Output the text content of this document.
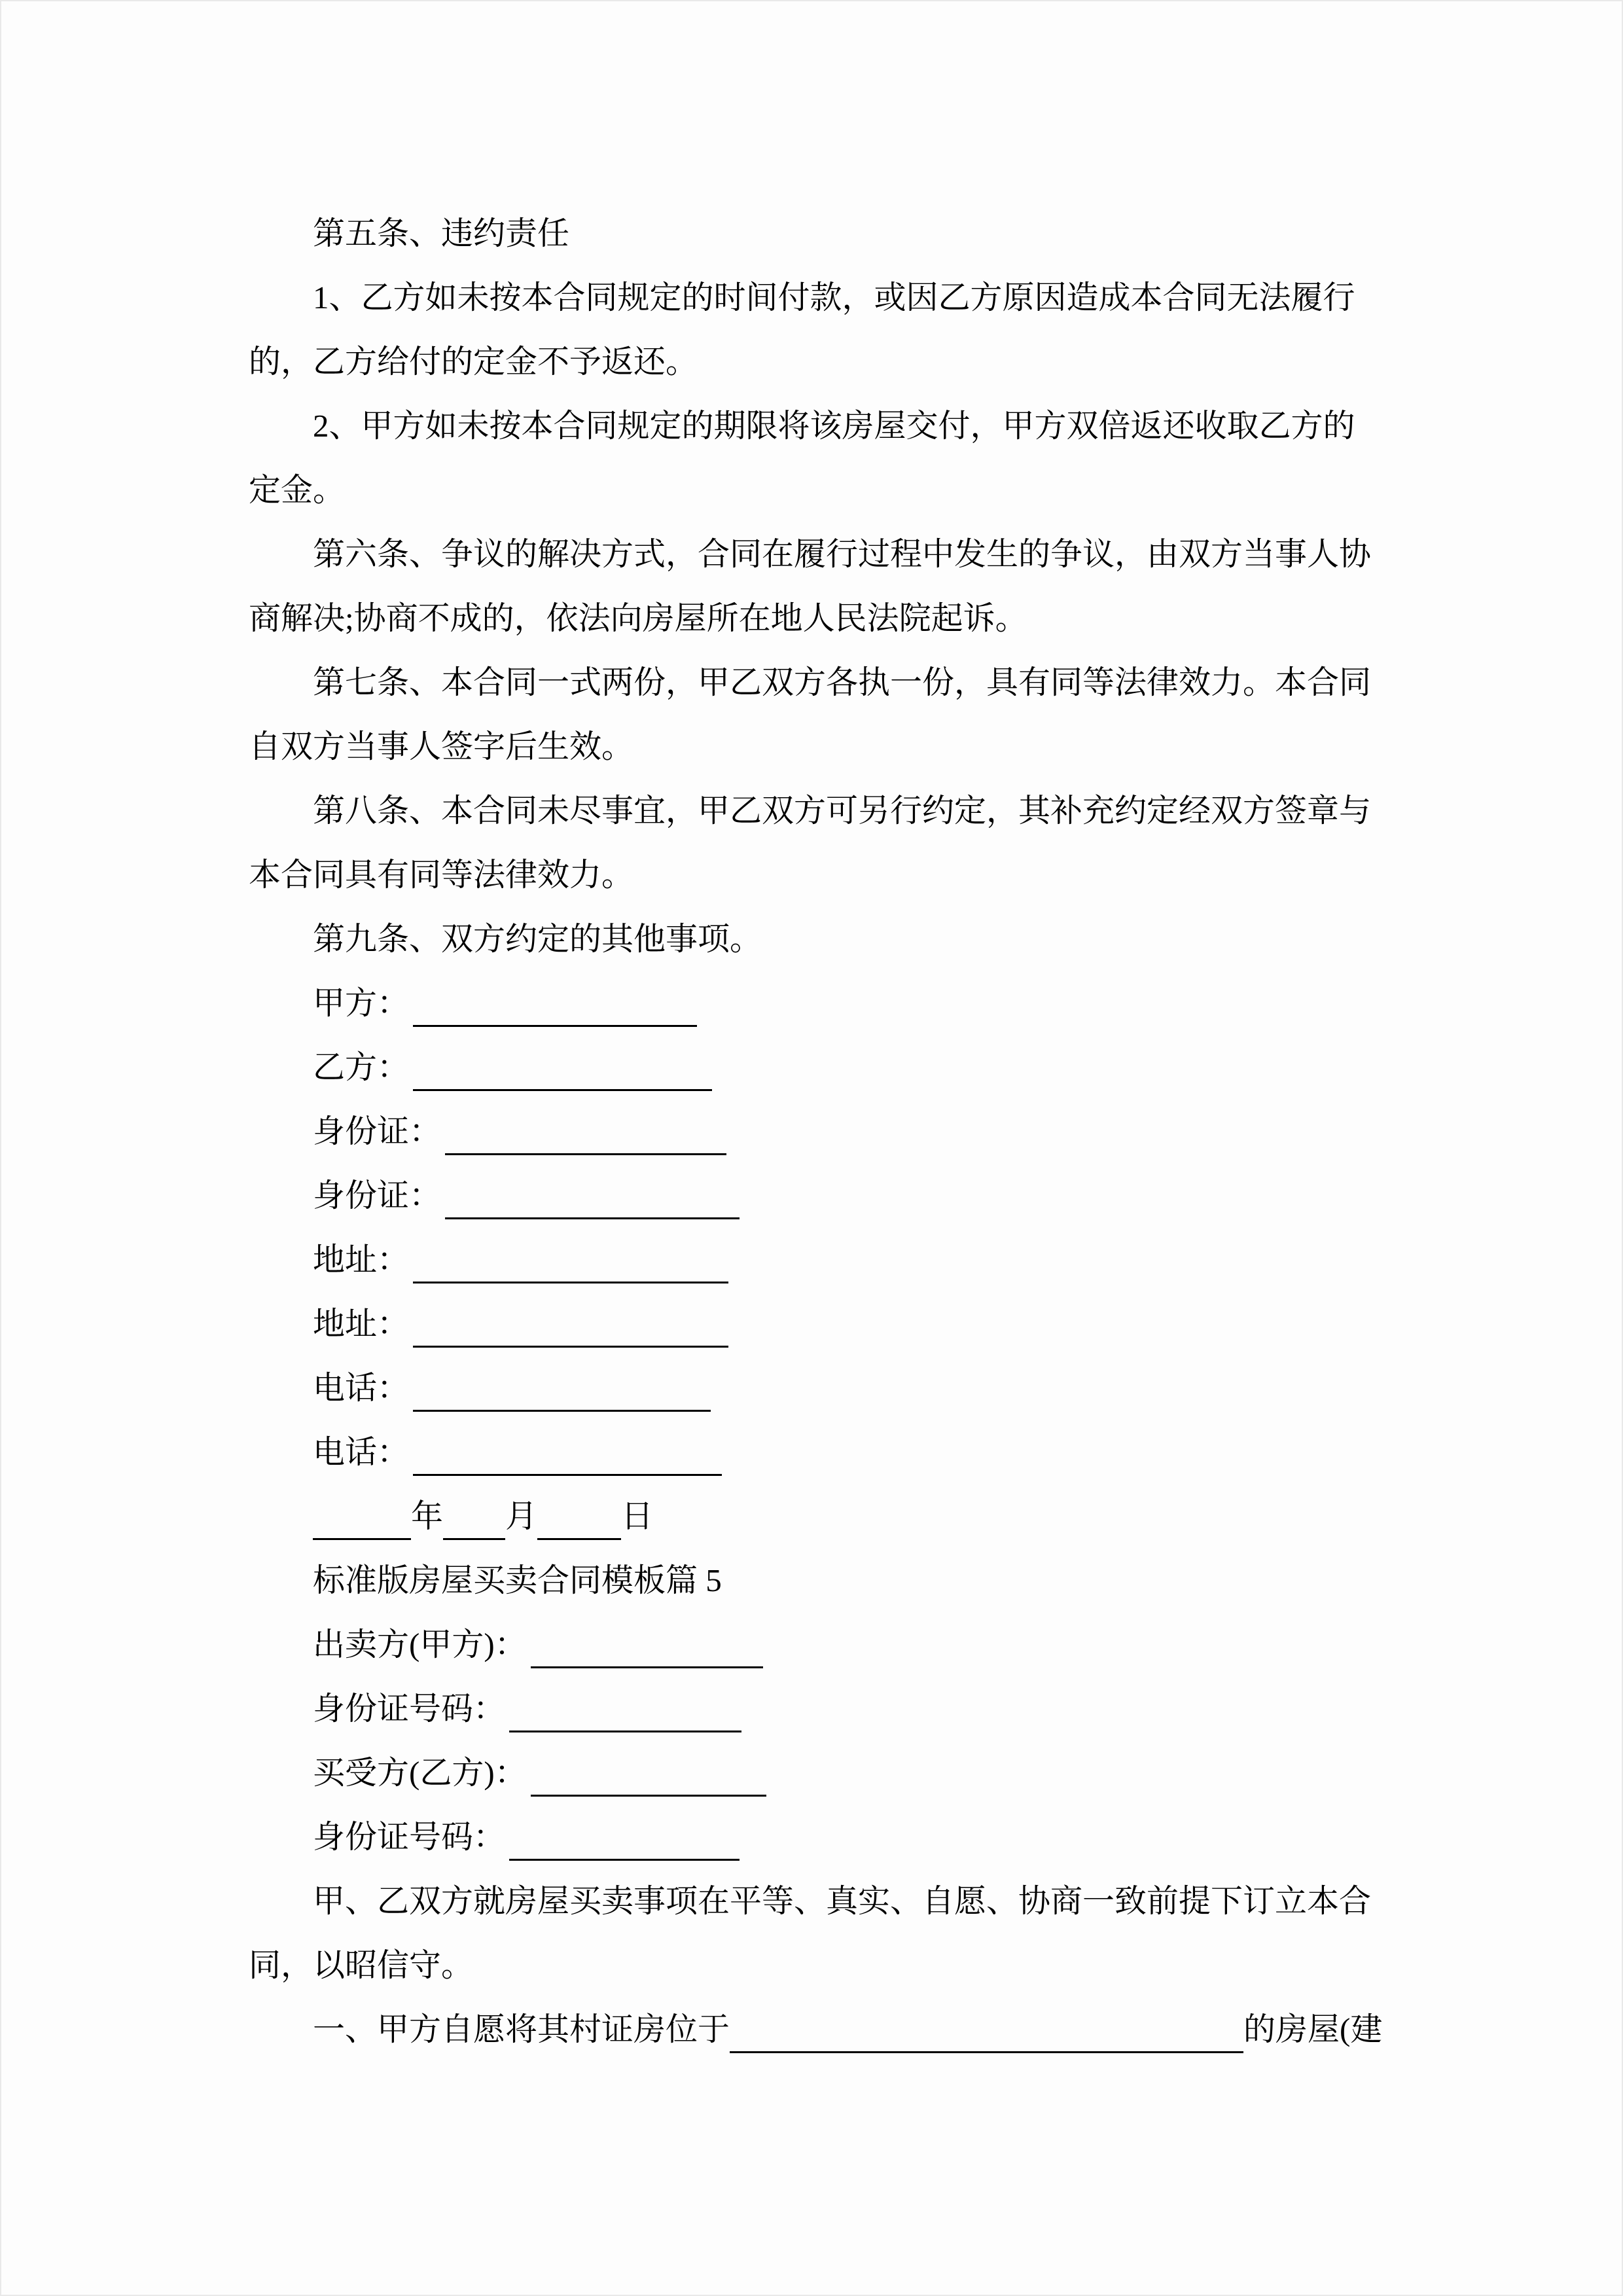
第五条、违约责任
1、乙方如未按本合同规定的时间付款，或因乙方原因造成本合同无法履行
的，乙方给付的定金不予返还。
2、甲方如未按本合同规定的期限将该房屋交付，甲方双倍返还收取乙方的
定金。
第六条、争议的解决方式，合同在履行过程中发生的争议，由双方当事人协
商解决;协商不成的，依法向房屋所在地人民法院起诉。
第七条、本合同一式两份，甲乙双方各执一份，具有同等法律效力。本合同
自双方当事人签字后生效。
第八条、本合同未尽事宜，甲乙双方可另行约定，其补充约定经双方签章与
本合同具有同等法律效力。
第九条、双方约定的其他事项。
甲方：
乙方：
身份证：
身份证：
地址：
地址：
电话：
电话：
年 月	日
标准版房屋买卖合同模板篇 5
出卖方(甲方)：
身份证号码：
买受方(乙方)：
身份证号码：
甲、乙双方就房屋买卖事项在平等、真实、自愿、协商一致前提下订立本合
同，以昭信守。
一、甲方自愿将其村证房位于	的房屋(建
